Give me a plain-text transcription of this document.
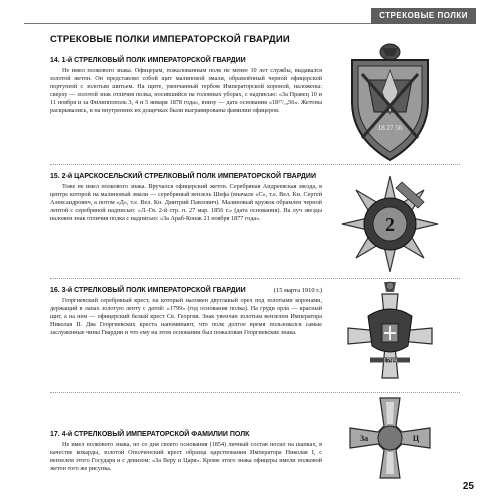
СТРЕКОВЫЕ ПОЛКИ
СТРЕКОВЫЕ ПОЛКИ ИМПЕРАТОРСКОЙ ГВАРДИИ
14. 1-й СТРЕЛКОВЫЙ ПОЛК ИМПЕРАТОРСКОЙ ГВАРДИИ
Не имел полкового знака. Офицерам, пожалованным полк не менее 10 лет службы, выдавался золотой жетон. Он представлял собой щит малиновой эмали, обрамлённый черной офицерской портупеей с золотым шитьем. На щите, увенчанный гербом Императорской короной, наложены: сверху — золотой знак отличия полка, носившийся на головных уборах, с надписью: «За Правец 10 и 11 ноября и за Филиппополь 3, 4 и 5 января 1878 года», внизу — дата основания «18²⁷/₁₉56». Жетоны раскрывались, и на внутренних их дощечках были выгравированы фамилии офицеров.
18 27 56
15. 2-й ЦАРСКОСЕЛЬСКИЙ СТРЕЛКОВЫЙ ПОЛК ИМПЕРАТОРСКОЙ ГВАРДИИ
Тоже не имел полкового знака. Вручался офицерский жетон. Серебряная Андреевская звезда, в центре которой на малиновый эмали — серебряный вензель Шефа (вначале «С», т.е. Вел. Кн. Сергей Александрович, а потом «Д», т.е. Вел. Кн. Дмитрий Павлович). Малиновый кружок обрамлен черной лентой с серебряной надписью: «Л.-Гв. 2-й стр. п. 27 мар. 1856 г.» (дата основания). На луч звезды наложен знак отличия полка с надписью: «За Араб-Конак 21 ноября 1877 года».	2
16. 3-й СТРЕЛКОВЫЙ ПОЛК ИМПЕРАТОРСКОЙ ГВАРДИИ	(15 марта 1910 г.)
Георгиевский серебряный крест, на который наложен двуглавый орел под золотыми коронами, держащий в лапах золотую ленту с датой: «1799» (год основания полка). На груди орла — красный щит, а на нем — офицерский белый крест Св. Георгия. Знак увенчан золотым вензелем Императора Николая II. Два Георгиевских креста напоминают, что полк долгое время пользовался самые заслуженные чины Гвардии и что ему на этом основании был пожалован Георгиевские знака.
1799
17. 4-й СТРЕЛКОВЫЙ ИМПЕРАТОРСКОЙ ФАМИЛИИ ПОЛК
Не имел полкового знака, но со дня своего основания (1854) личный состав носил на шапках, в качестве кокарды, золотой Ополченский крест образца царствования Императора Николая I, с вензелем этого Государя и с девизом: «За Веру и Царя». Кроме этого знака офицеры имели полковой жетон того же рисунка.
За	Ц
25
